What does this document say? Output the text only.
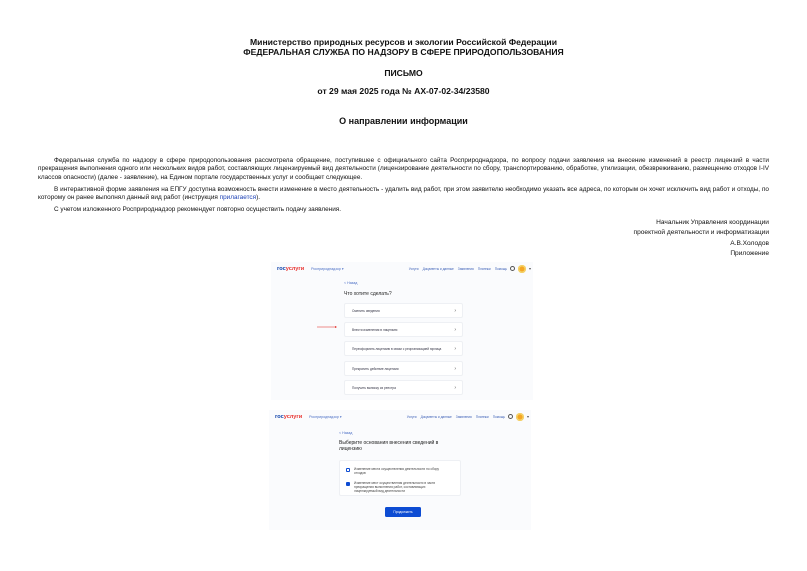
Министерство природных ресурсов и экологии Российской Федерации
ФЕДЕРАЛЬНАЯ СЛУЖБА ПО НАДЗОРУ В СФЕРЕ ПРИРОДОПОЛЬЗОВАНИЯ
ПИСЬМО
от 29 мая 2025 года № АХ-07-02-34/23580
О направлении информации
Федеральная служба по надзору в сфере природопользования рассмотрела обращение, поступившее с официального сайта Росприроднадзора, по вопросу подачи заявления на внесение изменений в реестр лицензий в части прекращения выполнения одного или нескольких видов работ, составляющих лицензируемый вид деятельности (лицензирование деятельности по сбору, транспортированию, обработке, утилизации, обезвреживанию, размещению отходов I-IV классов опасности) (далее - заявление), на Едином портале государственных услуг и сообщает следующее.
В интерактивной форме заявления на ЕПГУ доступна возможность внести изменение в место деятельность - удалить вид работ, при этом заявителю необходимо указать все адреса, по которым он хочет исключить вид работ и отходы, по которому он ранее выполнял данный вид работ (инструкция прилагается).
С учетом изложенного Росприроднадзор рекомендует повторно осуществить подачу заявления.
Начальник Управления координации
проектной деятельности и информатизации
А.В.Холодов
Приложение
госуслуги Росприроднадзор ▾	Услуги Документы и данные Заявления Платежи Помощь	▾
< Назад
Что хотите сделать?
Сменить сведения	›
Внести изменения в лицензию	›
Переоформить лицензию в связи с реорганизацией юрлица	›
Прекратить действие лицензии	›
Получить выписку из реестра	›
госуслуги Росприроднадзор ▾	Услуги Документы и данные Заявления Платежи Помощь	▾
< Назад
Выберите основания внесения сведений в лицензию
Изменение места осуществления деятельности по сбору отходов
Изменение мест осуществления деятельности в части прекращения выполнения работ, составляющих лицензируемый вид деятельности
Продолжить
